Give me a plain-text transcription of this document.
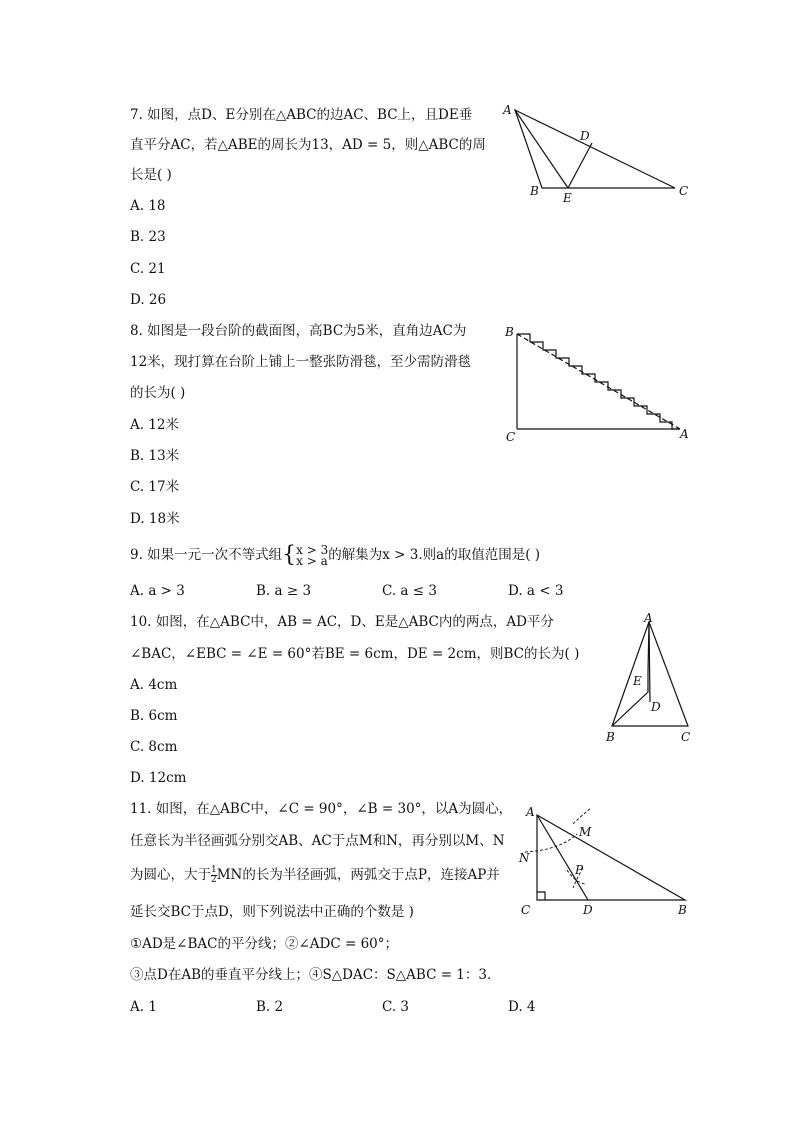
7. 如图，点D、E分别在△ABC的边AC、BC上，且DE垂
直平分AC，若△ABE的周长为13，AD = 5，则△ABC的周
长是( )
A. 18
B. 23
C. 21
D. 26
A
B	C
D
E
8. 如图是一段台阶的截面图，高BC为5米，直角边AC为
12米，现打算在台阶上铺上一整张防滑毯，至少需防滑毯
的长为( )
A. 12米
B. 13米
C. 17米
D. 18米
B
C	A
9. 如果一元一次不等式组{ x > 3
x > a 的解集为x > 3.则a的取值范围是( )
A. a > 3	B. a ≥ 3	C. a ≤ 3	D. a < 3
10. 如图，在△ABC中，AB = AC，D、E是△ABC内的两点，AD平分
∠BAC，∠EBC = ∠E = 60°若BE = 6cm，DE = 2cm，则BC的长为( )
A. 4cm
B. 6cm
C. 8cm
D. 12cm
A
B	C
E
D
11. 如图，在△ABC中，∠C = 90°，∠B = 30°，以A为圆心，
任意长为半径画弧分别交AB、AC于点M和N，再分别以M、N
为圆心，大于 $\frac{1}{2}$ MN的长为半径画弧，两弧交于点P，连接AP并
延长交BC于点D，则下列说法中正确的个数是 )
①AD是∠BAC的平分线；②∠ADC = 60°；
③点D在AB的垂直平分线上；④S△DAC：S△ABC = 1：3．
A. 1	B. 2	C. 3	D. 4
A
C	D	B
M
N
P
